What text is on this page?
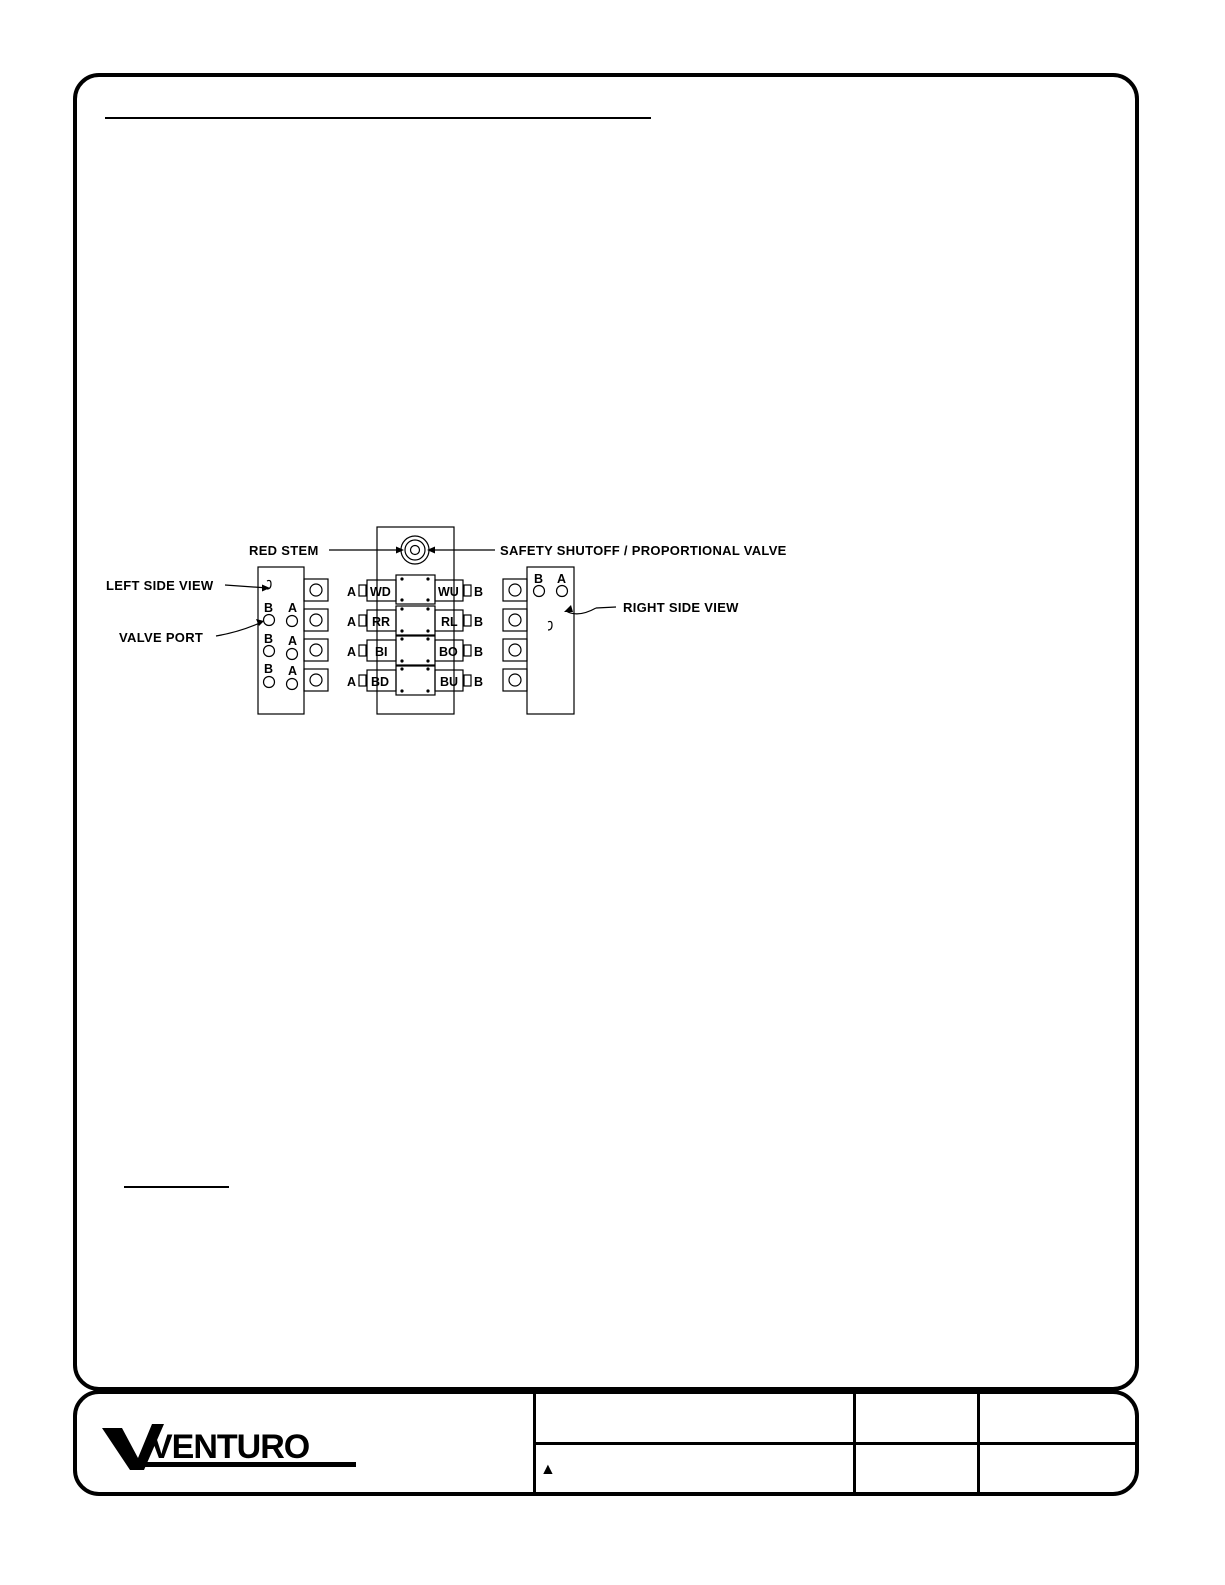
RED STEM	SAFETY SHUTOFF / PROPORTIONAL VALVE
LEFT SIDE VIEW
VALVE PORT
RIGHT SIDE VIEW
B A
B A
B A
B A
A WD	WU B
A RR	RL B
A BI	BO B
A BD	BU B
VENTURO
▲
